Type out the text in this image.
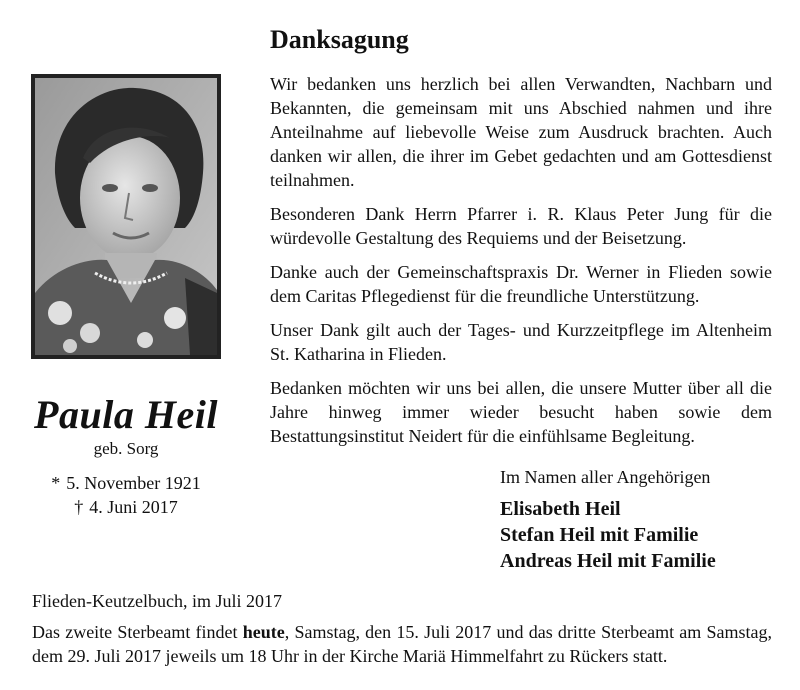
Paula Heil
geb. Sorg
* 5. November 1921
† 4. Juni 2017
Danksagung

Wir bedanken uns herzlich bei allen Verwandten, Nachbarn und Bekannten, die gemeinsam mit uns Abschied nahmen und ihre Anteilnahme auf liebevolle Weise zum Ausdruck brachten. Auch danken wir allen, die ihrer im Gebet gedachten und am Gottesdienst teilnahmen.

Besonderen Dank Herrn Pfarrer i. R. Klaus Peter Jung für die würdevolle Gestaltung des Requiems und der Beisetzung.

Danke auch der Gemeinschaftspraxis Dr. Werner in Flieden sowie dem Caritas Pflegedienst für die freundliche Unterstützung.

Unser Dank gilt auch der Tages- und Kurzzeitpflege im Altenheim St. Katharina in Flieden.

Bedanken möchten wir uns bei allen, die unsere Mutter über all die Jahre hinweg immer wieder besucht haben sowie dem Bestattungsinstitut Neidert für die einfühlsame Begleitung.

Im Namen aller Angehörigen
Elisabeth Heil
Stefan Heil mit Familie
Andreas Heil mit Familie
Flieden-Keutzelbuch, im Juli 2017
Das zweite Sterbeamt findet heute, Samstag, den 15. Juli 2017 und das dritte Sterbeamt am Samstag, dem 29. Juli 2017 jeweils um 18 Uhr in der Kirche Mariä Himmelfahrt zu Rückers statt.
